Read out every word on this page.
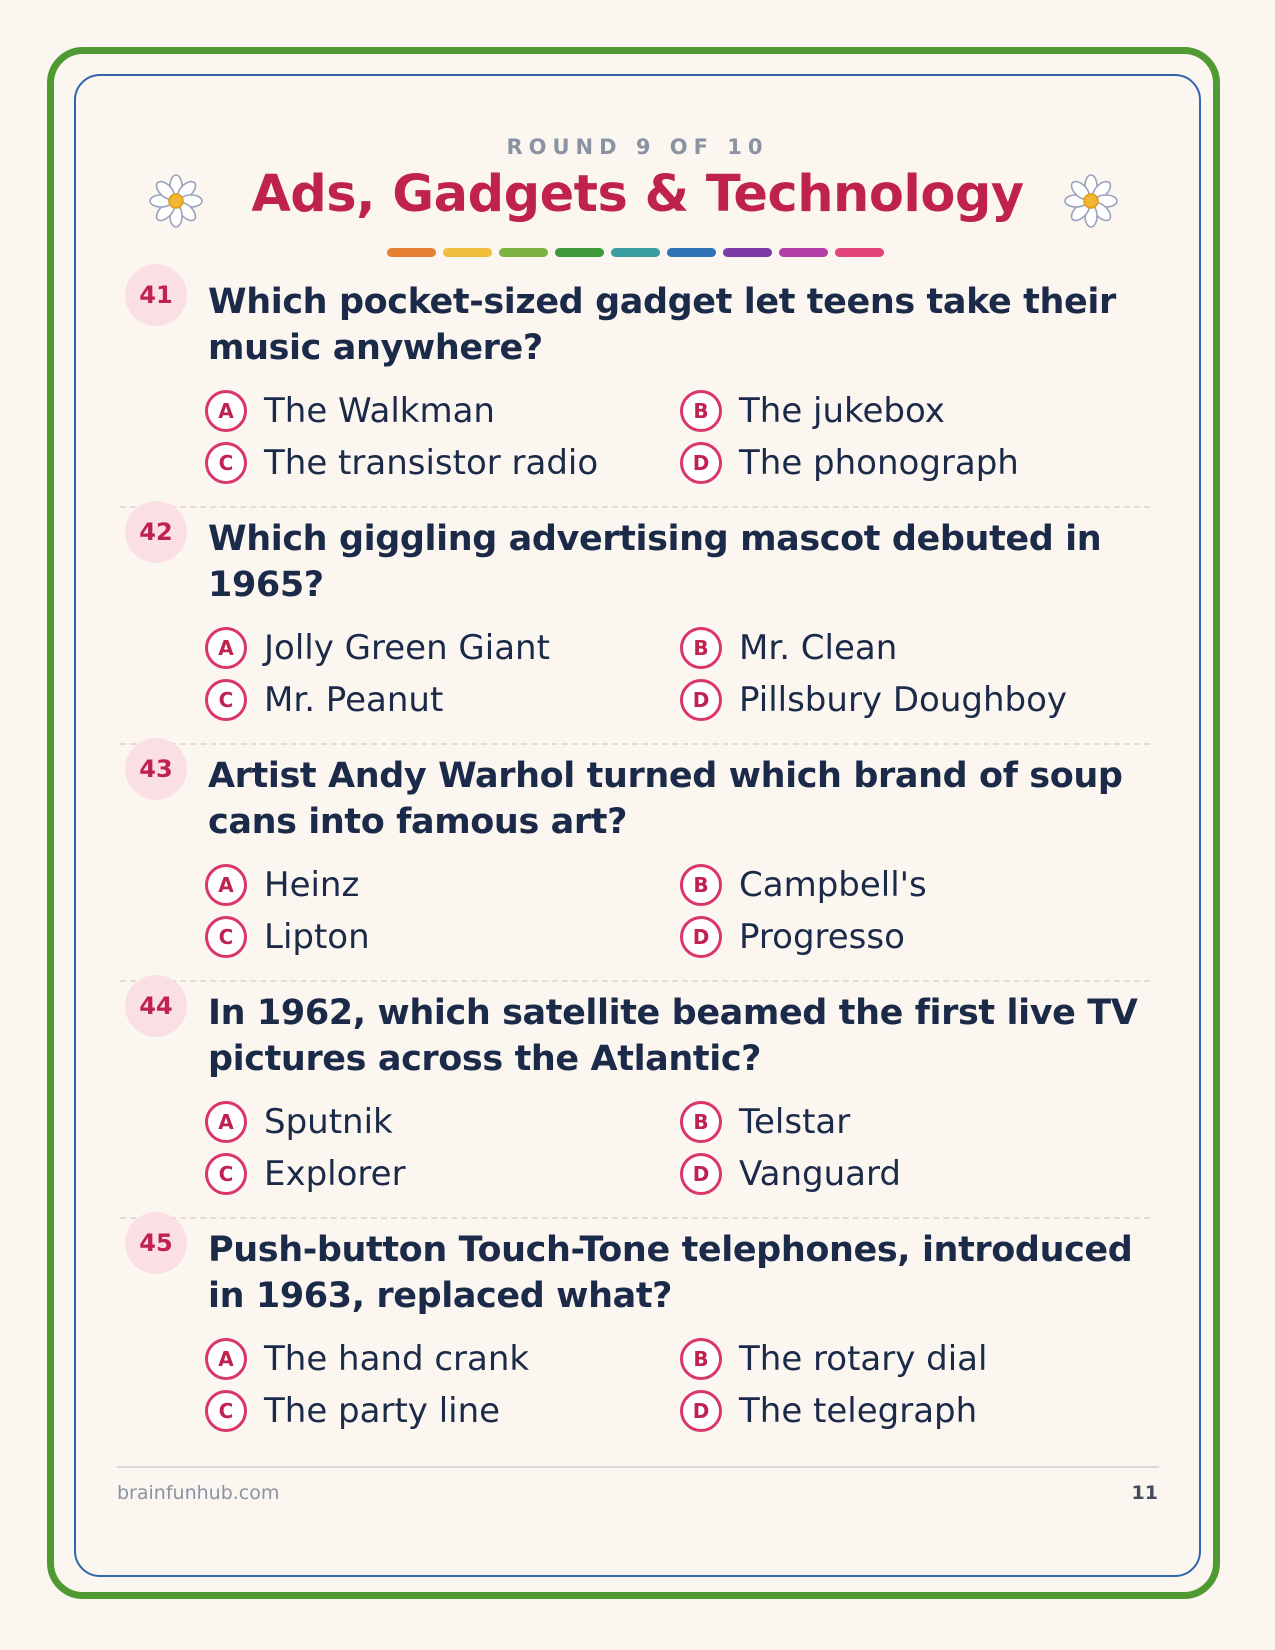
ROUND 9 OF 10
Ads, Gadgets & Technology
41	Which pocket-sized gadget let teens take their music anywhere?
A The Walkman	B The jukebox
C The transistor radio	D The phonograph
42	Which giggling advertising mascot debuted in 1965?
A Jolly Green Giant	B Mr. Clean
C Mr. Peanut	D Pillsbury Doughboy
43	Artist Andy Warhol turned which brand of soup cans into famous art?
A Heinz	B Campbell's
C Lipton	D Progresso
44	In 1962, which satellite beamed the first live TV pictures across the Atlantic?
A Sputnik	B Telstar
C Explorer	D Vanguard
45	Push-button Touch-Tone telephones, introduced in 1963, replaced what?
A The hand crank	B The rotary dial
C The party line	D The telegraph
brainfunhub.com	11
